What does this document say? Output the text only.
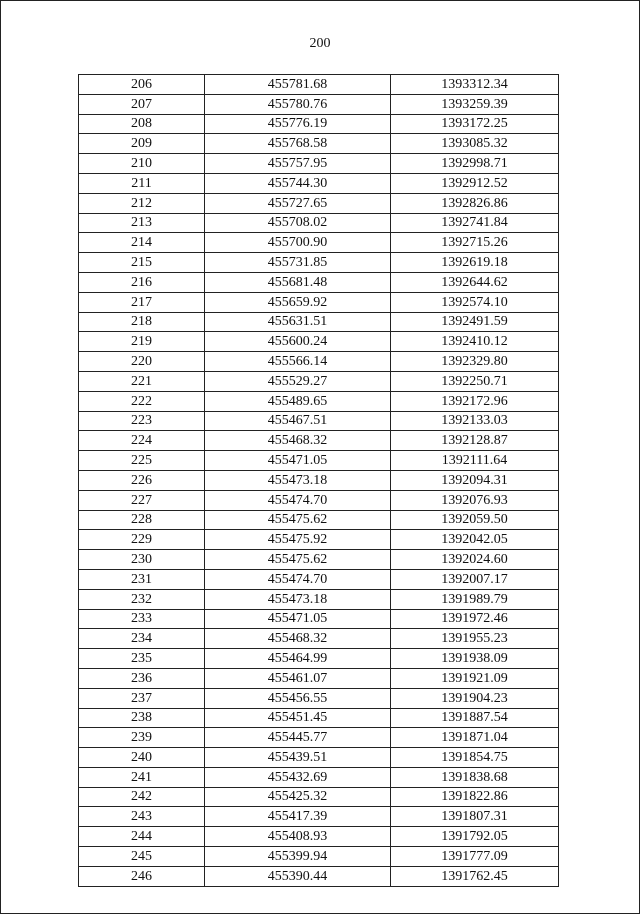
200
206	455781.68	1393312.34
207	455780.76	1393259.39
208	455776.19	1393172.25
209	455768.58	1393085.32
210	455757.95	1392998.71
211	455744.30	1392912.52
212	455727.65	1392826.86
213	455708.02	1392741.84
214	455700.90	1392715.26
215	455731.85	1392619.18
216	455681.48	1392644.62
217	455659.92	1392574.10
218	455631.51	1392491.59
219	455600.24	1392410.12
220	455566.14	1392329.80
221	455529.27	1392250.71
222	455489.65	1392172.96
223	455467.51	1392133.03
224	455468.32	1392128.87
225	455471.05	1392111.64
226	455473.18	1392094.31
227	455474.70	1392076.93
228	455475.62	1392059.50
229	455475.92	1392042.05
230	455475.62	1392024.60
231	455474.70	1392007.17
232	455473.18	1391989.79
233	455471.05	1391972.46
234	455468.32	1391955.23
235	455464.99	1391938.09
236	455461.07	1391921.09
237	455456.55	1391904.23
238	455451.45	1391887.54
239	455445.77	1391871.04
240	455439.51	1391854.75
241	455432.69	1391838.68
242	455425.32	1391822.86
243	455417.39	1391807.31
244	455408.93	1391792.05
245	455399.94	1391777.09
246	455390.44	1391762.45
